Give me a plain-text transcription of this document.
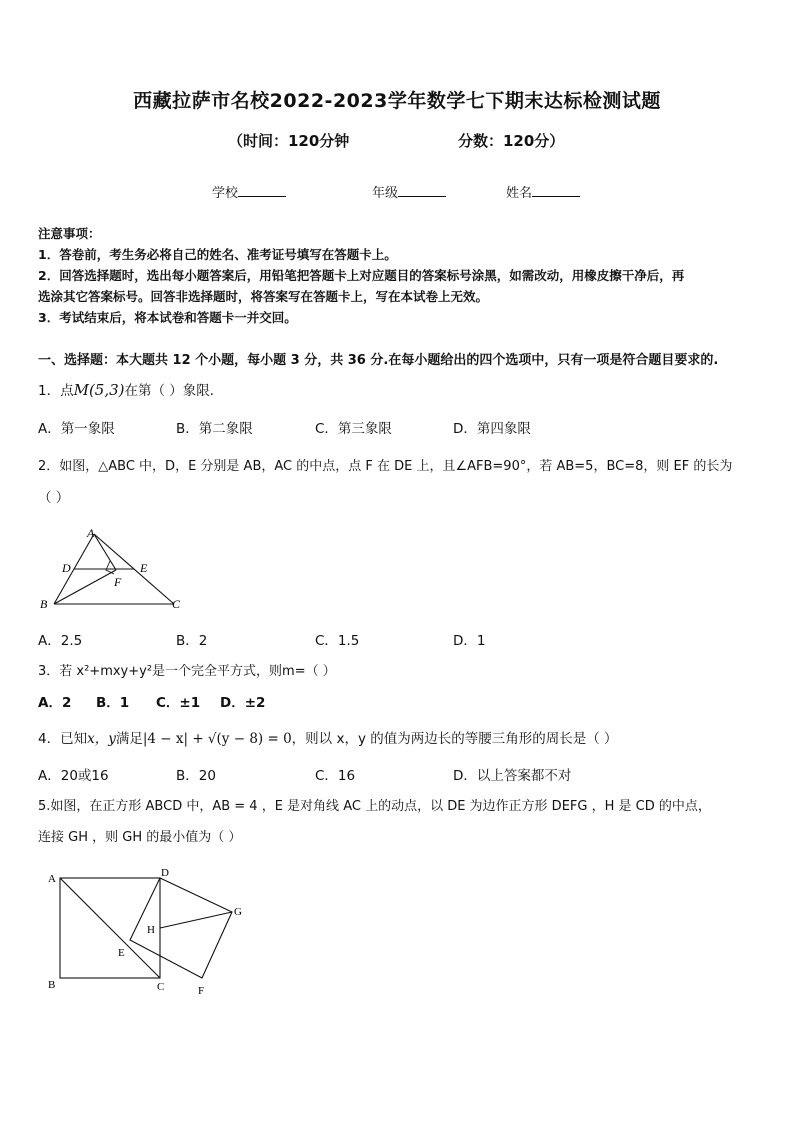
西藏拉萨市名校2022-2023学年数学七下期末达标检测试题
（时间：120分钟	分数：120分）
学校	年级	姓名
注意事项：
1．答卷前，考生务必将自己的姓名、准考证号填写在答题卡上。
2．回答选择题时，选出每小题答案后，用铅笔把答题卡上对应题目的答案标号涂黑，如需改动，用橡皮擦干净后，再
选涂其它答案标号。回答非选择题时，将答案写在答题卡上，写在本试卷上无效。
3．考试结束后，将本试卷和答题卡一并交回。
一、选择题：本大题共 12 个小题，每小题 3 分，共 36 分.在每小题给出的四个选项中，只有一项是符合题目要求的.
1．点M(5,3)在第（ ）象限．
A．第一象限	B．第二象限	C．第三象限	D．第四象限
2．如图，△ABC 中，D，E 分别是 AB，AC 的中点，点 F 在 DE 上，且∠AFB=90°，若 AB=5，BC=8，则 EF 的长为
（ ）
A
B	C
D	E
F
A．2.5	B．2	C．1.5	D．1
3．若 x²+mxy+y²是一个完全平方式，则m=（ ）
A．2 B．1 C．±1 D．±2
4．已知x，y满足|4 − x| + √(y − 8) = 0，则以 x，y 的值为两边长的等腰三角形的周长是（ ）
A．20或16	B．20	C．16	D．以上答案都不对
5.如图，在正方形 ABCD 中，AB = 4 ，E 是对角线 AC 上的动点，以 DE 为边作正方形 DEFG ，H 是 CD 的中点，
连接 GH ，则 GH 的最小值为（ ）
A
B	C
D
E
F
G
H
